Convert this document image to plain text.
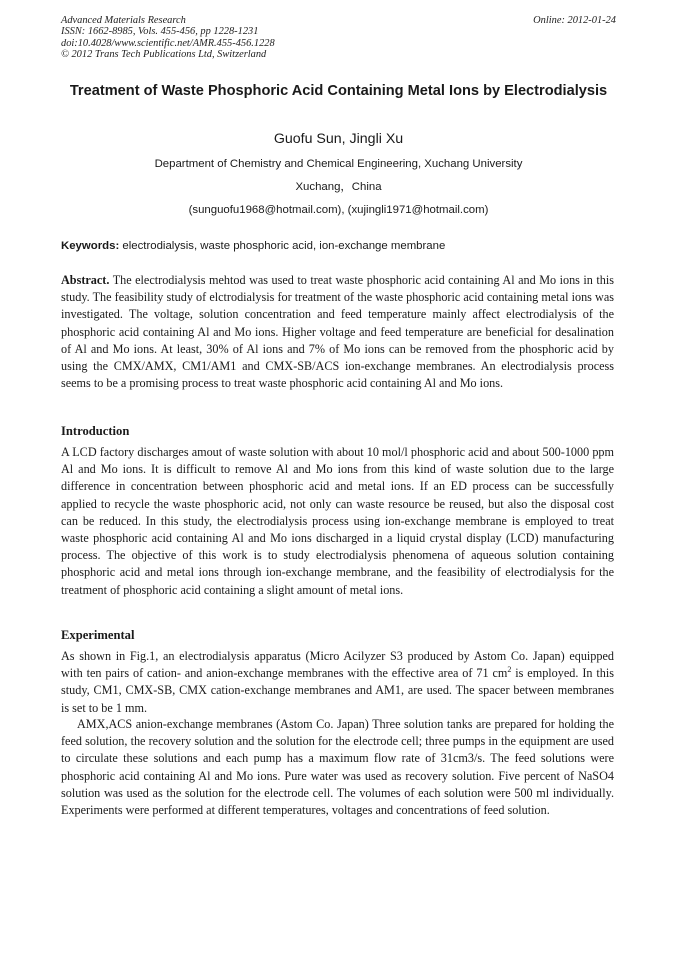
Advanced Materials Research
ISSN: 1662-8985, Vols. 455-456, pp 1228-1231
doi:10.4028/www.scientific.net/AMR.455-456.1228
© 2012 Trans Tech Publications Ltd, Switzerland
Online: 2012-01-24
Treatment of Waste Phosphoric Acid Containing Metal Ions by Electrodialysis
Guofu Sun, Jingli Xu
Department of Chemistry and Chemical Engineering, Xuchang University
Xuchang，China
(sunguofu1968@hotmail.com), (xujingli1971@hotmail.com)
Keywords: electrodialysis, waste phosphoric acid, ion-exchange membrane
Abstract. The electrodialysis mehtod was used to treat waste phosphoric acid containing Al and Mo ions in this study. The feasibility study of elctrodialysis for treatment of the waste phosphoric acid containing metal ions was investigated. The voltage, solution concentration and feed temperature mainly affect electrodialysis of the phosphoric acid containing Al and Mo ions. Higher voltage and feed temperature are beneficial for desalination of Al and Mo ions. At least, 30% of Al ions and 7% of Mo ions can be removed from the phosphoric acid by using the CMX/AMX, CM1/AM1 and CMX-SB/ACS ion-exchange membranes. An electrodialysis process seems to be a promising process to treat waste phosphoric acid containing Al and Mo ions.
Introduction
A LCD factory discharges amout of waste solution with about 10 mol/l phosphoric acid and about 500-1000 ppm Al and Mo ions. It is difficult to remove Al and Mo ions from this kind of waste solution due to the large difference in concentration between phosphoric acid and metal ions. If an ED process can be successfully applied to recycle the waste phosphoric acid, not only can waste resource be reused, but also the disposal cost can be reduced. In this study, the electrodialysis process using ion-exchange membrane is employed to treat waste phosphoric acid containing Al and Mo ions discharged in a liquid crystal display (LCD) manufacturing process. The objective of this work is to study electrodialysis phenomena of aqueous solution containing phosphoric acid and metal ions through ion-exchange membrane, and the feasibility of electrodialysis for the treatment of phosphoric acid containing a slight amount of metal ions.
Experimental
As shown in Fig.1, an electrodialysis apparatus (Micro Acilyzer S3 produced by Astom Co. Japan) equipped with ten pairs of cation- and anion-exchange membranes with the effective area of 71 $cm^2$ is employed. In this study, CM1, CMX-SB, CMX cation-exchange membranes and AM1, are used. The spacer between membranes is set to be 1 mm.
AMX,ACS anion-exchange membranes (Astom Co. Japan) Three solution tanks are prepared for holding the feed solution, the recovery solution and the solution for the electrode cell; three pumps in the equipment are used to circulate these solutions and each pump has a maximum flow rate of 31cm3/s. The feed solutions were phosphoric acid containing Al and Mo ions. Pure water was used as recovery solution. Five percent of NaSO4 solution was used as the solution for the electrode cell. The volumes of each solution were 500 ml individually. Experiments were performed at different temperatures, voltages and concentrations of feed solution.
